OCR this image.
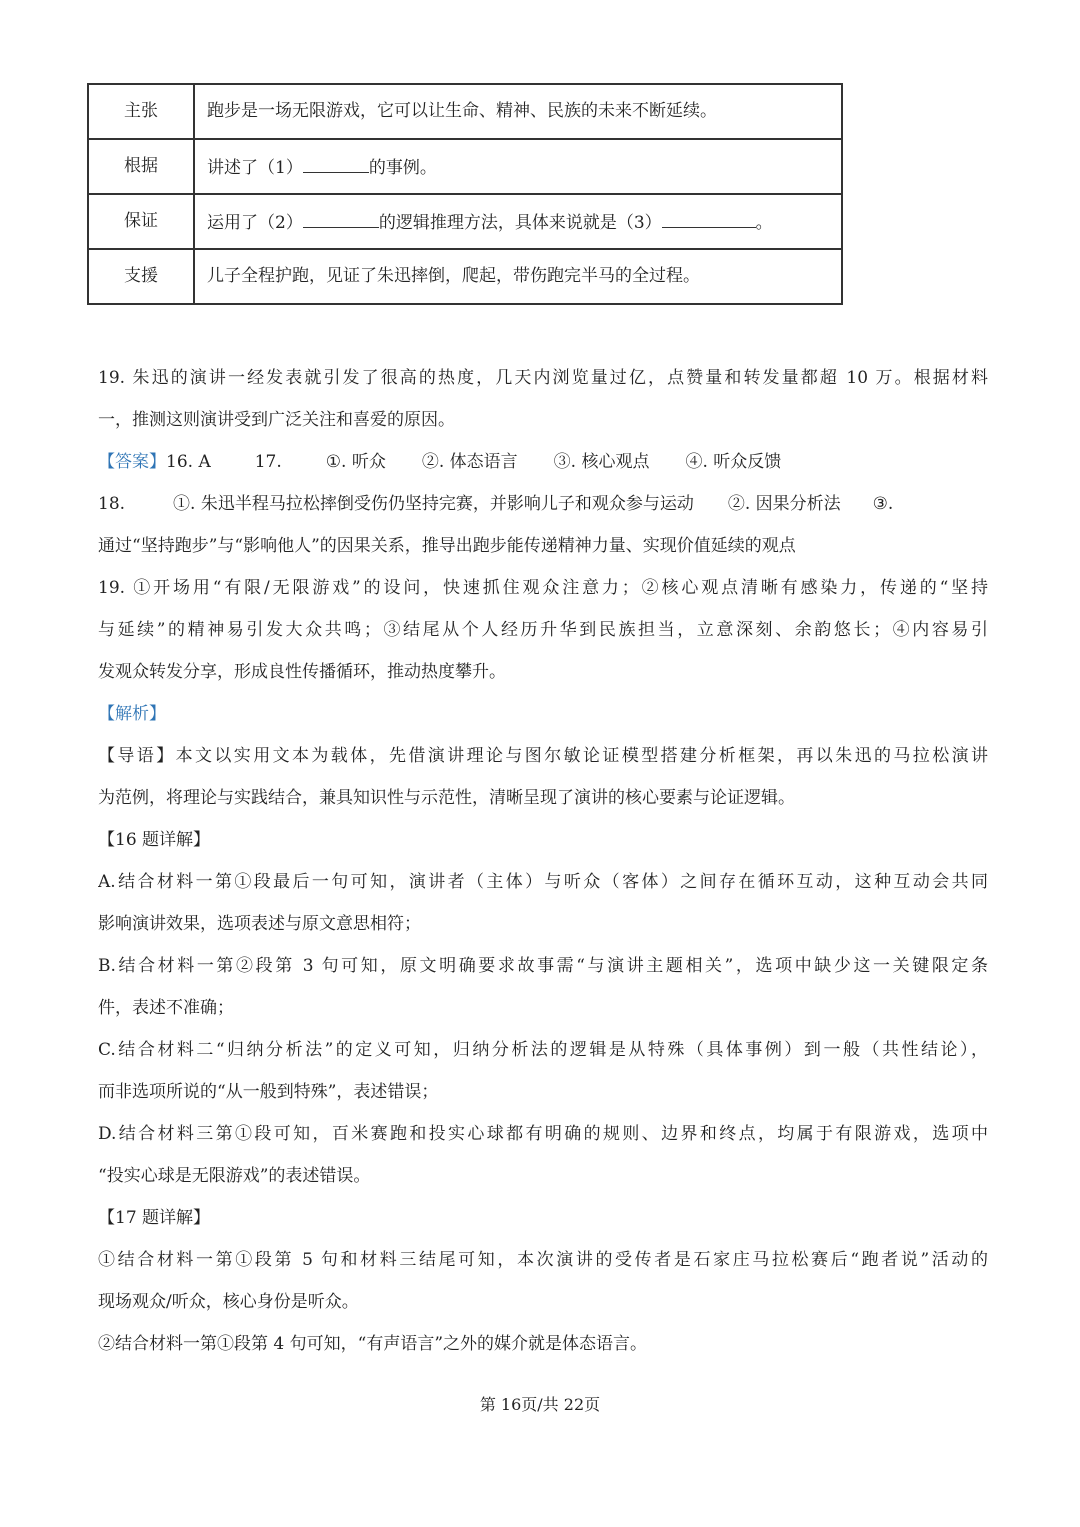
主张	跑步是一场无限游戏，它可以让生命、精神、民族的未来不断延续。
根据	讲述了（1） 的事例。
保证	运用了（2） 的逻辑推理方法，具体来说就是（3） 。
支援	儿子全程护跑，见证了朱迅摔倒，爬起，带伤跑完半马的全过程。
19. 朱迅的演讲一经发表就引发了很高的热度，几天内浏览量过亿，点赞量和转发量都超 10 万。根据材料
一，推测这则演讲受到广泛关注和喜爱的原因。
【答案】16. A	17.	①. 听众 ②. 体态语言 ③. 核心观点 ④. 听众反馈
18.	①. 朱迅半程马拉松摔倒受伤仍坚持完赛，并影响儿子和观众参与运动 ②. 因果分析法 ③.
通过“坚持跑步”与“影响他人”的因果关系，推导出跑步能传递精神力量、实现价值延续的观点
19. ①开场用“有限/无限游戏”的设问，快速抓住观众注意力；②核心观点清晰有感染力，传递的“坚持
与延续”的精神易引发大众共鸣；③结尾从个人经历升华到民族担当，立意深刻、余韵悠长；④内容易引
发观众转发分享，形成良性传播循环，推动热度攀升。
【解析】
【导语】本文以实用文本为载体，先借演讲理论与图尔敏论证模型搭建分析框架，再以朱迅的马拉松演讲
为范例，将理论与实践结合，兼具知识性与示范性，清晰呈现了演讲的核心要素与论证逻辑。
【16 题详解】
A.结合材料一第①段最后一句可知，演讲者（主体）与听众（客体）之间存在循环互动，这种互动会共同
影响演讲效果，选项表述与原文意思相符；
B.结合材料一第②段第 3 句可知，原文明确要求故事需“与演讲主题相关”，选项中缺少这一关键限定条
件，表述不准确；
C.结合材料二“归纳分析法”的定义可知，归纳分析法的逻辑是从特殊（具体事例）到一般（共性结论），
而非选项所说的“从一般到特殊”，表述错误；
D.结合材料三第①段可知，百米赛跑和投实心球都有明确的规则、边界和终点，均属于有限游戏，选项中
“投实心球是无限游戏”的表述错误。
【17 题详解】
①结合材料一第①段第 5 句和材料三结尾可知，本次演讲的受传者是石家庄马拉松赛后“跑者说”活动的
现场观众/听众，核心身份是听众。
②结合材料一第①段第 4 句可知，“有声语言”之外的媒介就是体态语言。
第 16页/共 22页
